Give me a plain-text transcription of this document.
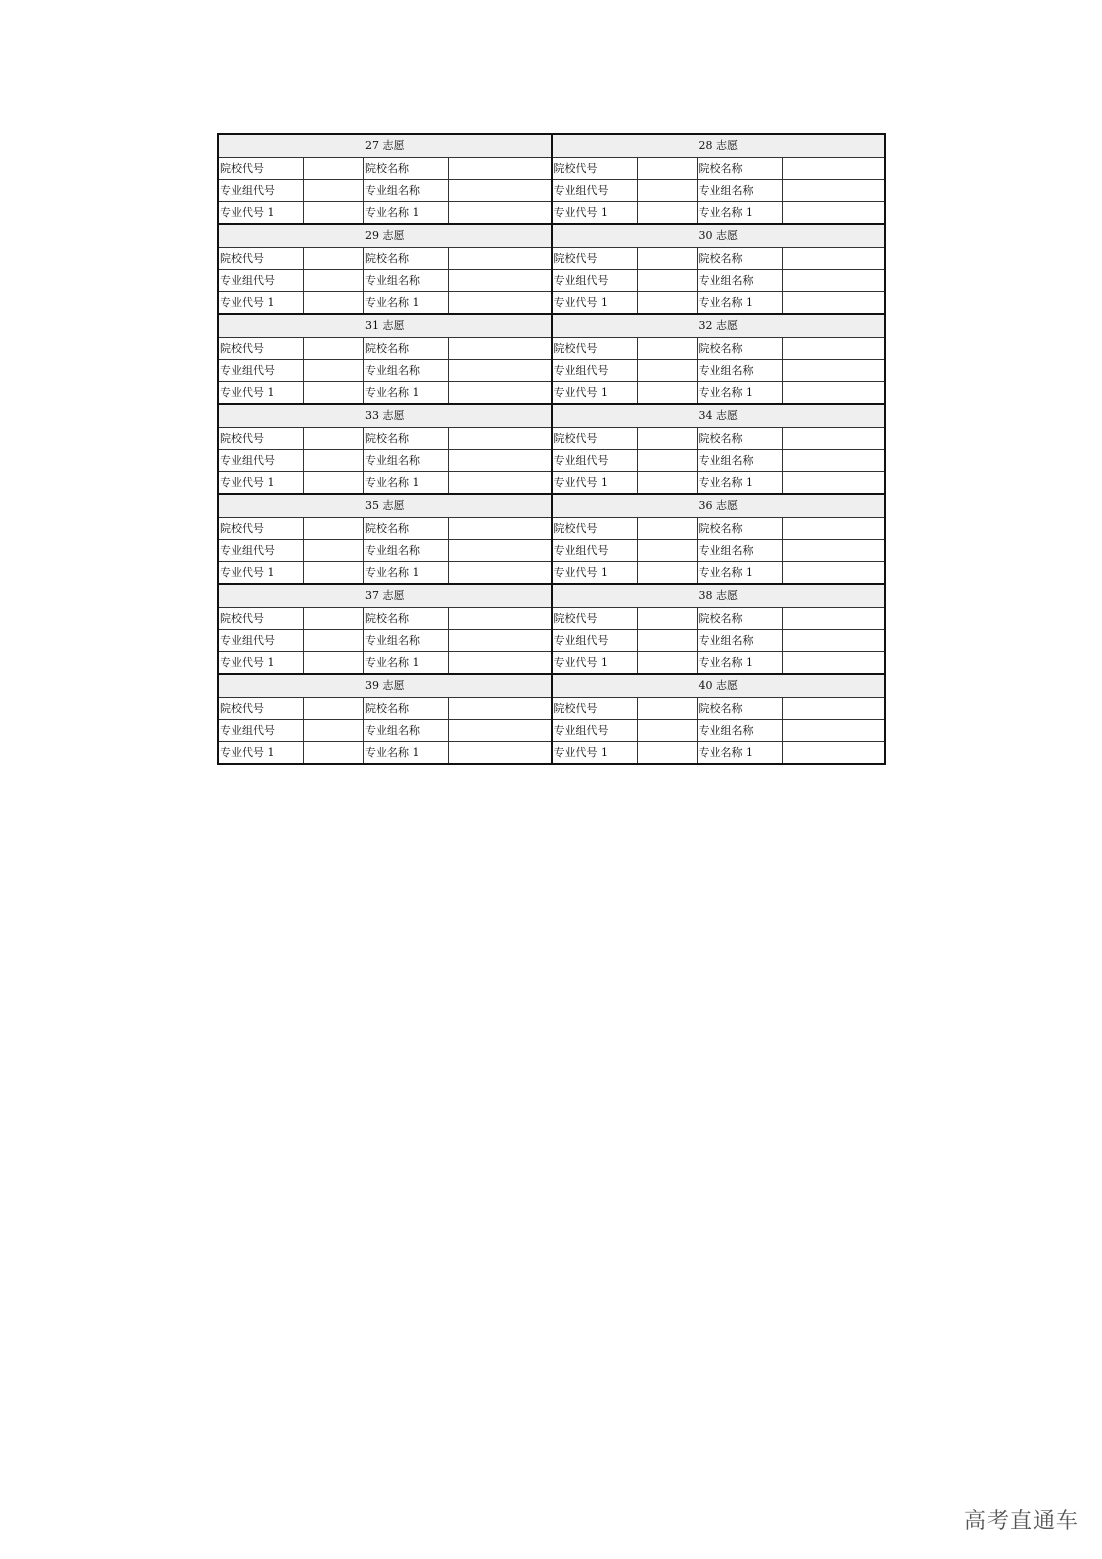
27 志愿
院校代号	院校名称
专业组代号	专业组名称
专业代号 1	专业名称 1
28 志愿
院校代号	院校名称
专业组代号	专业组名称
专业代号 1	专业名称 1
29 志愿
院校代号	院校名称
专业组代号	专业组名称
专业代号 1	专业名称 1
30 志愿
院校代号	院校名称
专业组代号	专业组名称
专业代号 1	专业名称 1
31 志愿
院校代号	院校名称
专业组代号	专业组名称
专业代号 1	专业名称 1
32 志愿
院校代号	院校名称
专业组代号	专业组名称
专业代号 1	专业名称 1
33 志愿
院校代号	院校名称
专业组代号	专业组名称
专业代号 1	专业名称 1
34 志愿
院校代号	院校名称
专业组代号	专业组名称
专业代号 1	专业名称 1
35 志愿
院校代号	院校名称
专业组代号	专业组名称
专业代号 1	专业名称 1
36 志愿
院校代号	院校名称
专业组代号	专业组名称
专业代号 1	专业名称 1
37 志愿
院校代号	院校名称
专业组代号	专业组名称
专业代号 1	专业名称 1
38 志愿
院校代号	院校名称
专业组代号	专业组名称
专业代号 1	专业名称 1
39 志愿
院校代号	院校名称
专业组代号	专业组名称
专业代号 1	专业名称 1
40 志愿
院校代号	院校名称
专业组代号	专业组名称
专业代号 1	专业名称 1
高考直通车
